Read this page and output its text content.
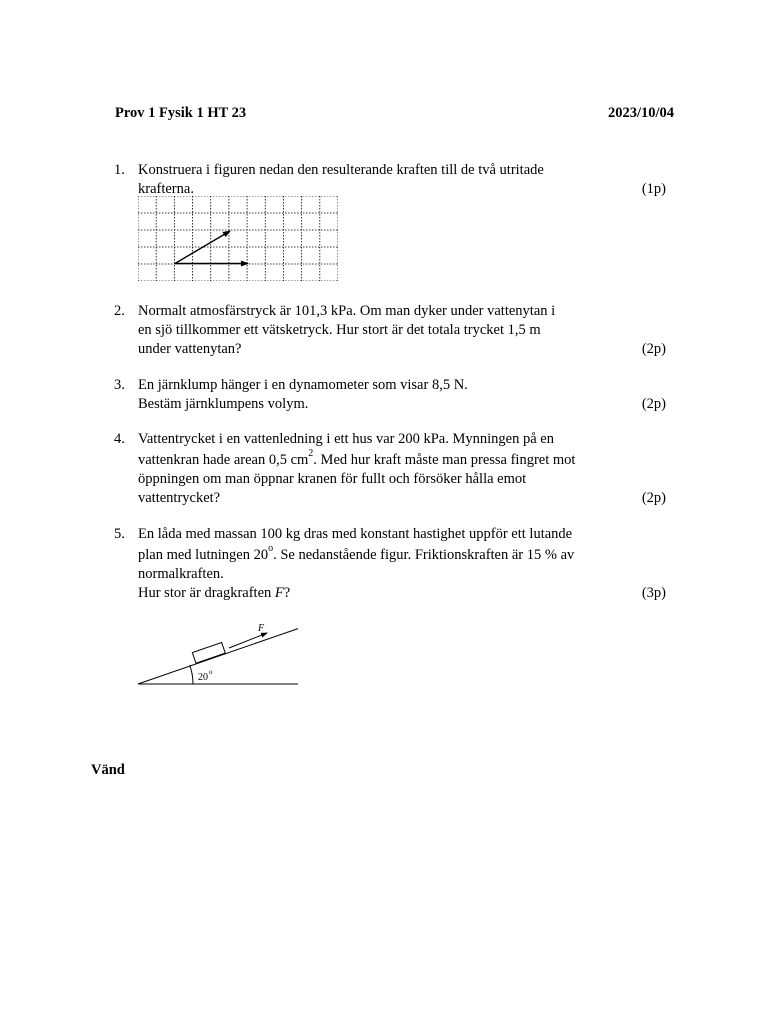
Prov 1 Fysik 1 HT 23	2023/10/04
1. Konstruera i figuren nedan den resulterande kraften till de två utritade
krafterna.	(1p)
2. Normalt atmosfärstryck är 101,3 kPa. Om man dyker under vattenytan i
en sjö tillkommer ett vätsketryck. Hur stort är det totala trycket 1,5 m
under vattenytan?	(2p)
3. En järnklump hänger i en dynamometer som visar 8,5 N.
Bestäm järnklumpens volym.	(2p)
4. Vattentrycket i en vattenledning i ett hus var 200 kPa. Mynningen på en
vattenkran hade arean 0,5 $cm^2$. Med hur kraft måste man pressa fingret mot
öppningen om man öppnar kranen för fullt och försöker hålla emot
vattentrycket?	(2p)
5. En låda med massan 100 kg dras med konstant hastighet uppför ett lutande
plan med lutningen 20$^o$. Se nedanstående figur. Friktionskraften är 15 % av
normalkraften.
Hur stor är dragkraften F?	(3p)
F
20 o
Vänd
